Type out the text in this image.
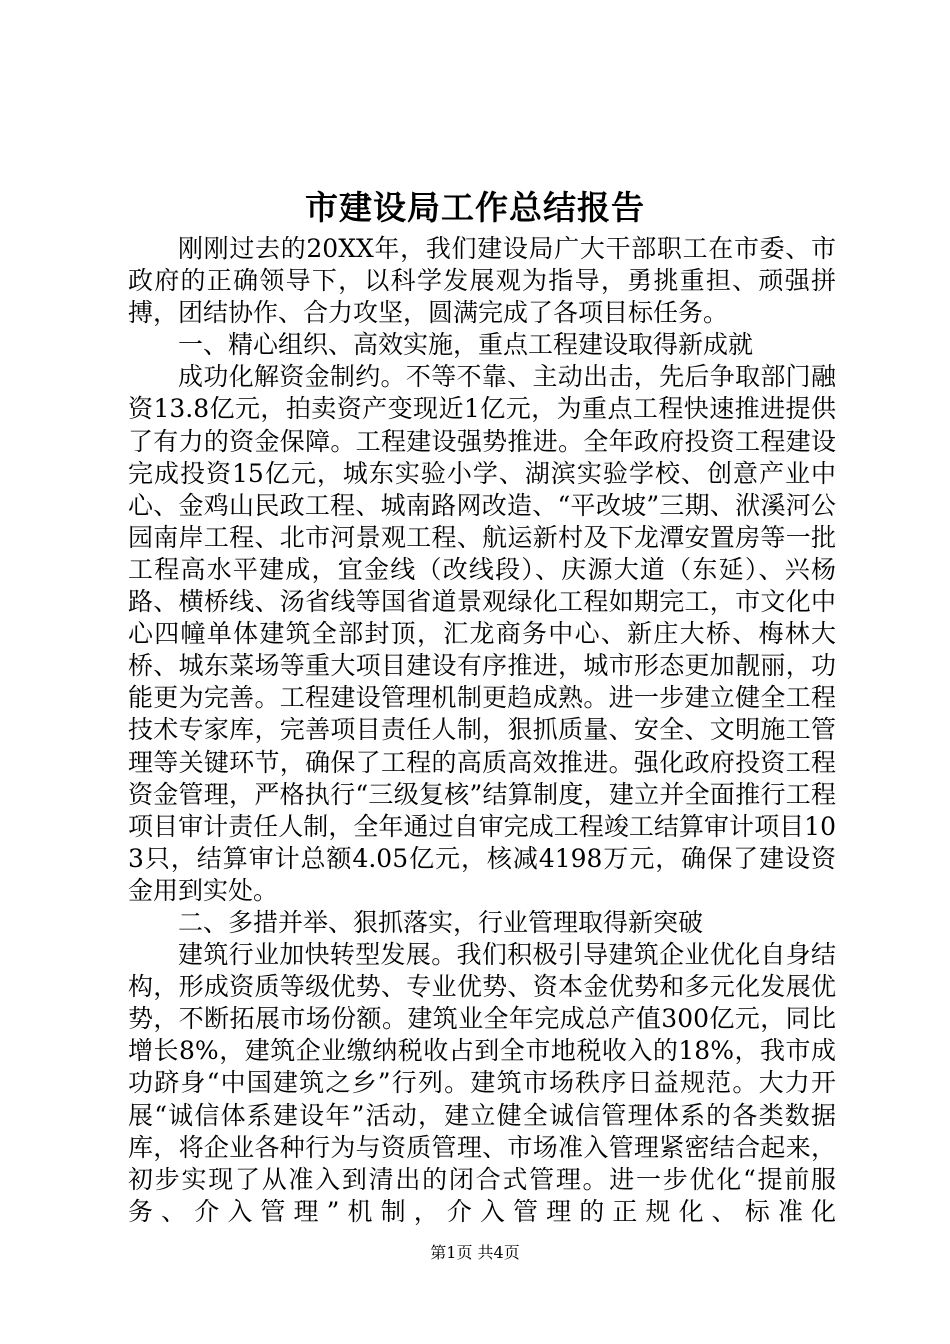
市建设局工作总结报告

刚刚过去的20XX年，我们建设局广大干部职工在市委、市政府的正确领导下，以科学发展观为指导，勇挑重担、顽强拼搏，团结协作、合力攻坚，圆满完成了各项目标任务。

一、精心组织、高效实施，重点工程建设取得新成就

成功化解资金制约。不等不靠、主动出击，先后争取部门融资13.8亿元，拍卖资产变现近1亿元，为重点工程快速推进提供了有力的资金保障。工程建设强势推进。全年政府投资工程建设完成投资15亿元，城东实验小学、湖滨实验学校、创意产业中心、金鸡山民政工程、城南路网改造、“平改坡”三期、洑溪河公园南岸工程、北市河景观工程、航运新村及下龙潭安置房等一批工程高水平建成，宜金线（改线段）、庆源大道（东延）、兴杨路、横桥线、汤省线等国省道景观绿化工程如期完工，市文化中心四幢单体建筑全部封顶，汇龙商务中心、新庄大桥、梅林大桥、城东菜场等重大项目建设有序推进，城市形态更加靓丽，功能更为完善。工程建设管理机制更趋成熟。进一步建立健全工程技术专家库，完善项目责任人制，狠抓质量、安全、文明施工管理等关键环节，确保了工程的高质高效推进。强化政府投资工程资金管理，严格执行“三级复核”结算制度，建立并全面推行工程项目审计责任人制，全年通过自审完成工程竣工结算审计项目103只，结算审计总额4.05亿元，核减4198万元，确保了建设资金用到实处。

二、多措并举、狠抓落实，行业管理取得新突破

建筑行业加快转型发展。我们积极引导建筑企业优化自身结构，形成资质等级优势、专业优势、资本金优势和多元化发展优势，不断拓展市场份额。建筑业全年完成总产值300亿元，同比增长8%，建筑企业缴纳税收占到全市地税收入的18%，我市成功跻身“中国建筑之乡”行列。建筑市场秩序日益规范。大力开展“诚信体系建设年”活动，建立健全诚信管理体系的各类数据库，将企业各种行为与资质管理、市场准入管理紧密结合起来，初步实现了从准入到清出的闭合式管理。进一步优化“提前服务、介入管理”机制，介入管理的正规化、标准化

第1页 共4页
